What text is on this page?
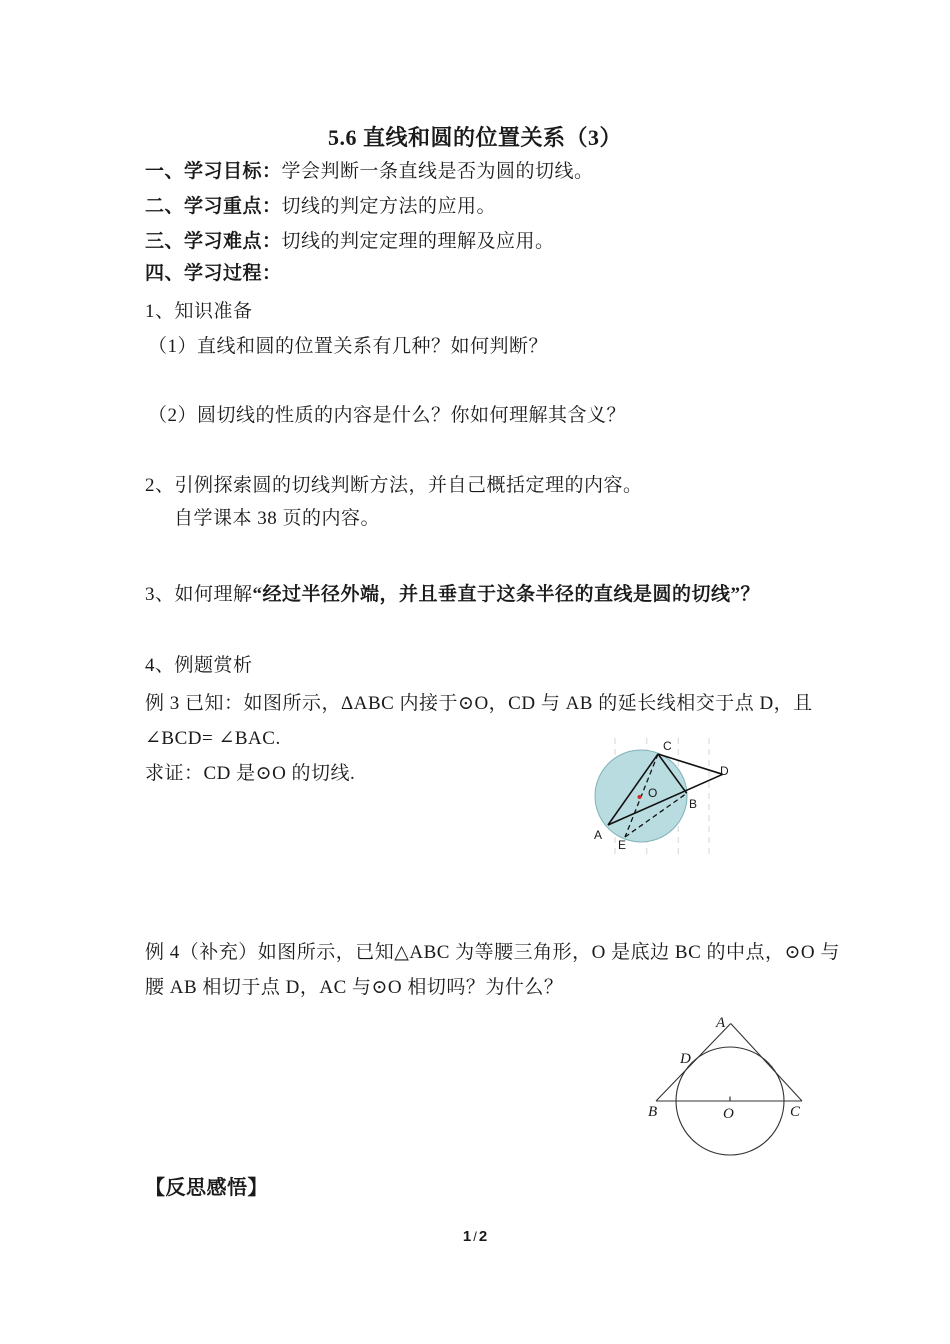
5.6 直线和圆的位置关系（3）
一、学习目标：学会判断一条直线是否为圆的切线。
二、学习重点：切线的判定方法的应用。
三、学习难点：切线的判定定理的理解及应用。
四、学习过程：
1、知识准备
（1）直线和圆的位置关系有几种？如何判断？
（2）圆切线的性质的内容是什么？你如何理解其含义？
2、引例探索圆的切线判断方法，并自己概括定理的内容。
自学课本 38 页的内容。
3、如何理解“经过半径外端，并且垂直于这条半径的直线是圆的切线”？
4、例题赏析
例 3 已知：如图所示，ΔABC 内接于⊙O，CD 与 AB 的延长线相交于点 D，且
∠BCD= ∠BAC.
求证：CD 是⊙O 的切线.
A
B
C
D
E
O
例 4（补充）如图所示，已知△ABC 为等腰三角形，O 是底边 BC 的中点，⊙O 与
腰 AB 相切于点 D，AC 与⊙O 相切吗？为什么？
A
B	C
D
O
【反思感悟】
1 / 2
